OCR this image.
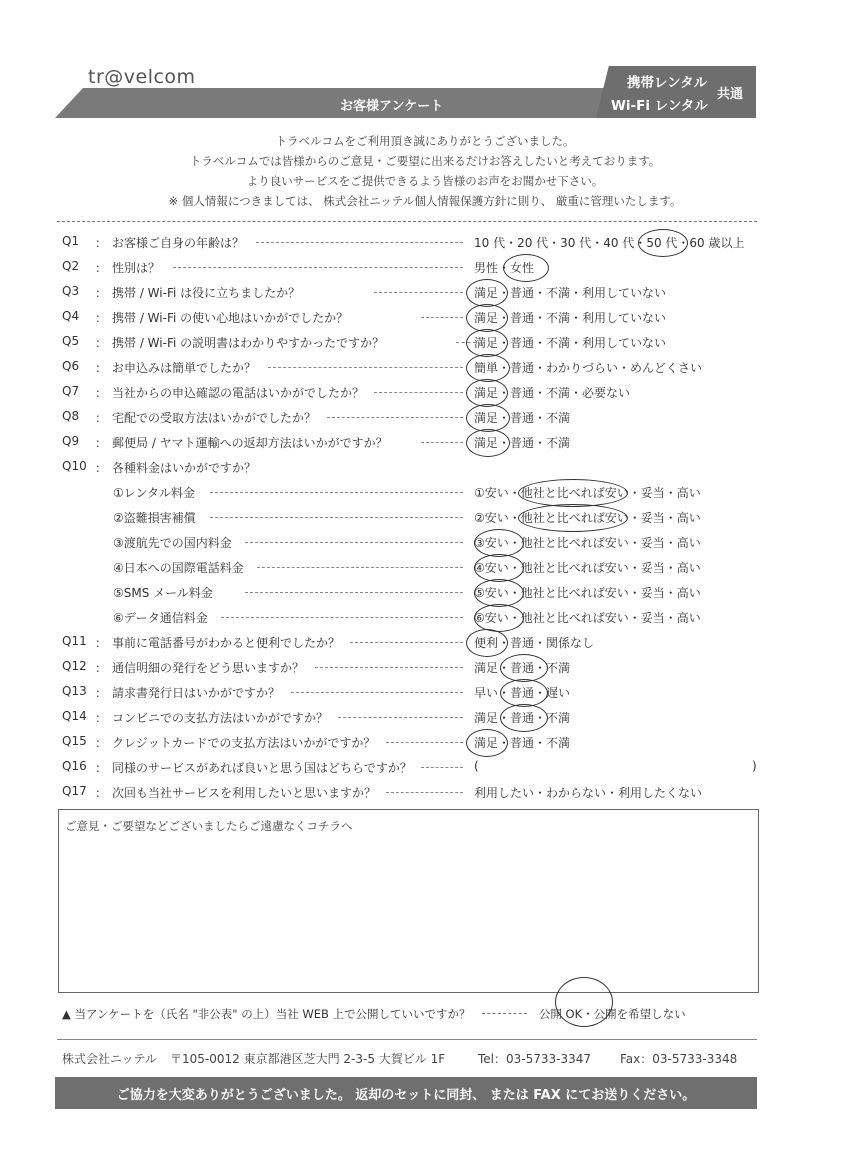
tr@velcom
お客様アンケート
携帯レンタル
Wi-Fi レンタル
共通
トラベルコムをご利用頂き誠にありがとうございました。
トラベルコムでは皆様からのご意見・ご要望に出来るだけお答えしたいと考えております。
より良いサービスをご提供できるよう皆様のお声をお聞かせ下さい。
※ 個人情報につきましては、 株式会社ニッテル個人情報保護方針に則り、 厳重に管理いたします。
Q1 ： お客様ご自身の年齢は？	10 代・20 代・30 代・40 代・50 代・60 歳以上
Q2 ： 性別は？	男性・女性
Q3 ： 携帯 / Wi-Fi は役に立ちましたか？	満足・普通・不満・利用していない
Q4 ： 携帯 / Wi-Fi の使い心地はいかがでしたか？	満足・普通・不満・利用していない
Q5 ： 携帯 / Wi-Fi の説明書はわかりやすかったですか？	満足・普通・不満・利用していない
Q6 ： お申込みは簡単でしたか？	簡単・普通・わかりづらい・めんどくさい
Q7 ： 当社からの申込確認の電話はいかがでしたか？	満足・普通・不満・必要ない
Q8 ： 宅配での受取方法はいかがでしたか？	満足・普通・不満
Q9 ： 郵便局 / ヤマト運輸への返却方法はいかがですか？	満足・普通・不満
Q10 ： 各種料金はいかがですか？
①レンタル料金	①安い・他社と比べれば安い・妥当・高い
②盗難損害補償	②安い・他社と比べれば安い・妥当・高い
③渡航先での国内料金	③安い・他社と比べれば安い・妥当・高い
④日本への国際電話料金	④安い・他社と比べれば安い・妥当・高い
⑤SMS メール料金	⑤安い・他社と比べれば安い・妥当・高い
⑥データ通信料金	⑥安い・他社と比べれば安い・妥当・高い
Q11 ： 事前に電話番号がわかると便利でしたか？	便利・普通・関係なし
Q12 ： 通信明細の発行をどう思いますか？	満足・普通・不満
Q13 ： 請求書発行日はいかがですか？	早い・普通・遅い
Q14 ： コンビニでの支払方法はいかがですか？	満足・普通・不満
Q15 ： クレジットカードでの支払方法はいかがですか？	満足・普通・不満
Q16 ： 同様のサービスがあれば良いと思う国はどちらですか？	(	)
Q17 ： 次回も当社サービスを利用したいと思いますか？	利用したい・わからない・利用したくない
ご意見・ご要望などございましたらご遠慮なくコチラへ
▲ 当アンケートを（氏名 "非公表" の上）当社 WEB 上で公開していいですか？	公開 OK・公開を希望しない
株式会社ニッテル 〒105-0012 東京都港区芝大門 2-3-5 大賀ビル 1F	Tel：03-5733-3347 Fax：03-5733-3348
ご協力を大変ありがとうございました。 返却のセットに同封、 または FAX にてお送りください。
